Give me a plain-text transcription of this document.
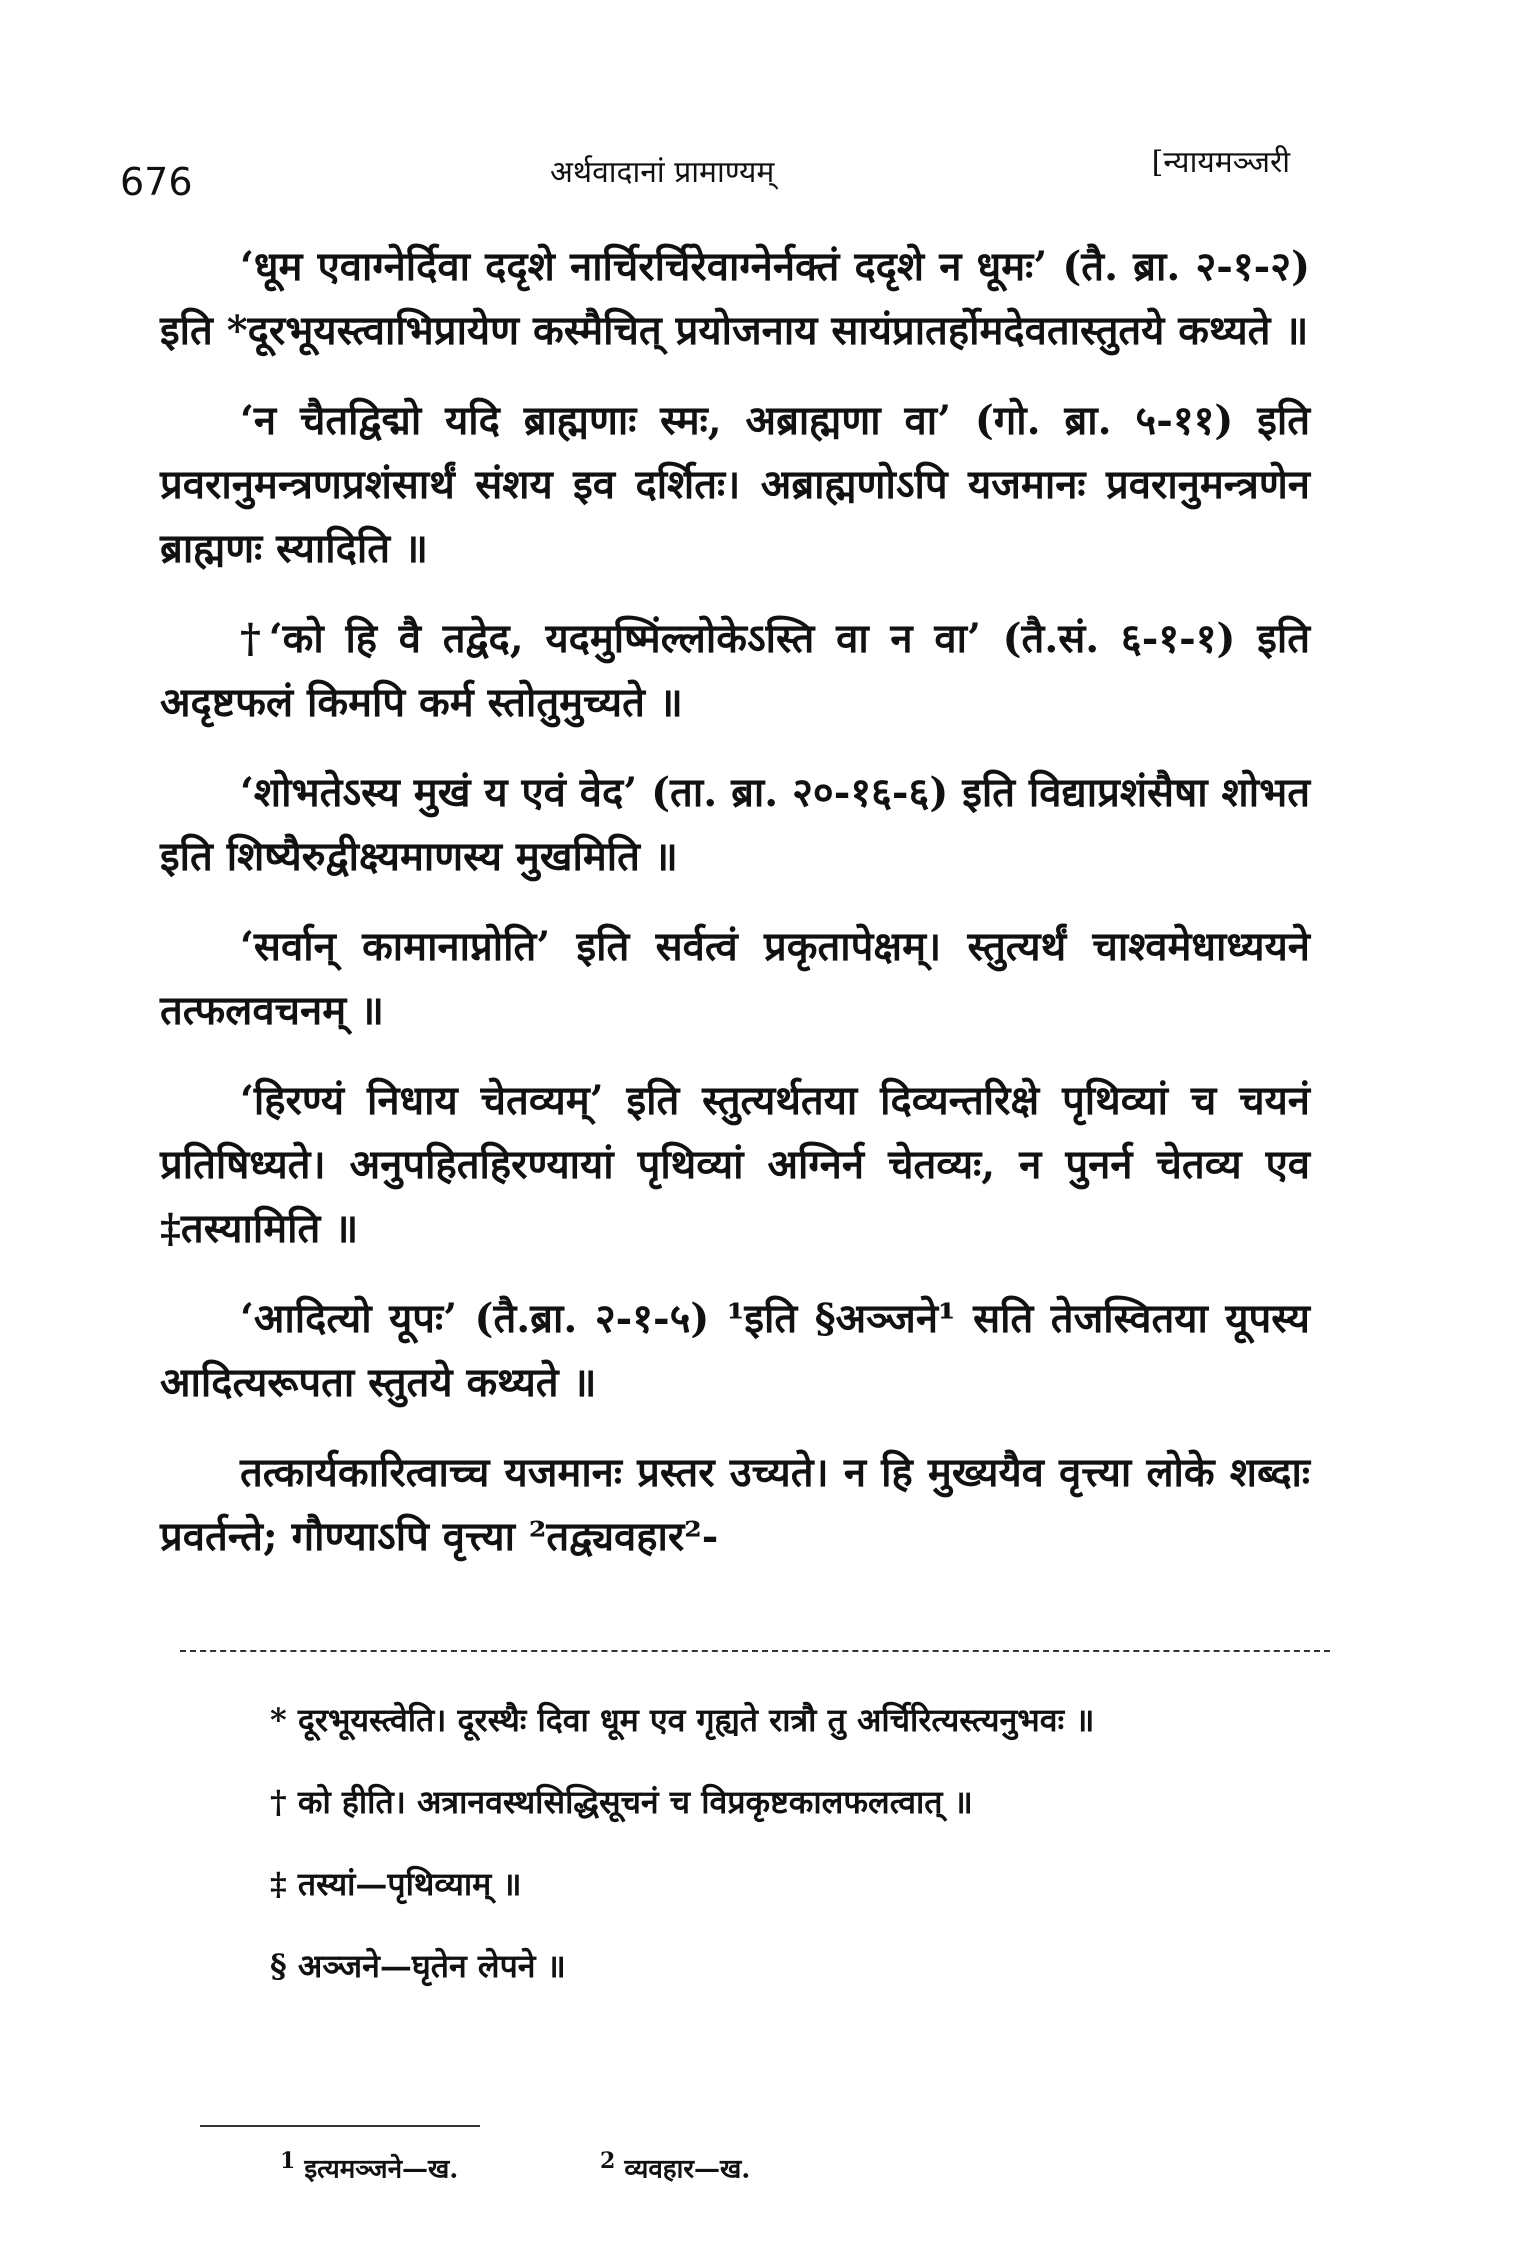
676	अर्थवादानां प्रामाण्यम्	[न्यायमञ्जरी

‘धूम एवाग्नेर्दिवा ददृशे नार्चिरर्चिरेवाग्नेर्नक्तं ददृशे न धूमः’ (तै. ब्रा. २-१-२) इति *दूरभूयस्त्वाभिप्रायेण कस्मैचित् प्रयोजनाय सायंप्रातर्होमदेवतास्तुतये कथ्यते ॥

‘न चैतद्विद्मो यदि ब्राह्मणाः स्मः, अब्राह्मणा वा’ (गो. ब्रा. ५-११) इति प्रवरानुमन्त्रणप्रशंसार्थं संशय इव दर्शितः। अब्राह्मणोऽपि यजमानः प्रवरानुमन्त्रणेन ब्राह्मणः स्यादिति ॥

†‘को हि वै तद्वेद, यदमुष्मिंल्लोकेऽस्ति वा न वा’ (तै.सं. ६-१-१) इति अदृष्टफलं किमपि कर्म स्तोतुमुच्यते ॥

‘शोभतेऽस्य मुखं य एवं वेद’ (ता. ब्रा. २०-१६-६) इति विद्याप्रशंसैषा शोभत इति शिष्यैरुद्वीक्ष्यमाणस्य मुखमिति ॥

‘सर्वान् कामानाप्नोति’ इति सर्वत्वं प्रकृतापेक्षम्। स्तुत्यर्थं चाश्वमेधाध्ययने तत्फलवचनम् ॥

‘हिरण्यं निधाय चेतव्यम्’ इति स्तुत्यर्थतया दिव्यन्तरिक्षे पृथिव्यां च चयनं प्रतिषिध्यते। अनुपहितहिरण्यायां पृथिव्यां अग्निर्न चेतव्यः, न पुनर्न चेतव्य एव ‡तस्यामिति ॥

‘आदित्यो यूपः’ (तै.ब्रा. २-१-५) ¹इति §अञ्जने¹ सति तेजस्वितया यूपस्य आदित्यरूपता स्तुतये कथ्यते ॥

तत्कार्यकारित्वाच्च यजमानः प्रस्तर उच्यते। न हि मुख्ययैव वृत्त्या लोके शब्दाः प्रवर्तन्ते; गौण्याऽपि वृत्त्या ²तद्व्यवहार²-

* दूरभूयस्त्वेति। दूरस्थैः दिवा धूम एव गृह्यते रात्रौ तु अर्चिरित्यस्त्यनुभवः ॥

† को हीति। अत्रानवस्थसिद्धिसूचनं च विप्रकृष्टकालफलत्वात् ॥

‡ तस्यां—पृथिव्याम् ॥

§ अञ्जने—घृतेन लेपने ॥

$^1$ इत्यमञ्जने—ख.	$^2$ व्यवहार—ख.
